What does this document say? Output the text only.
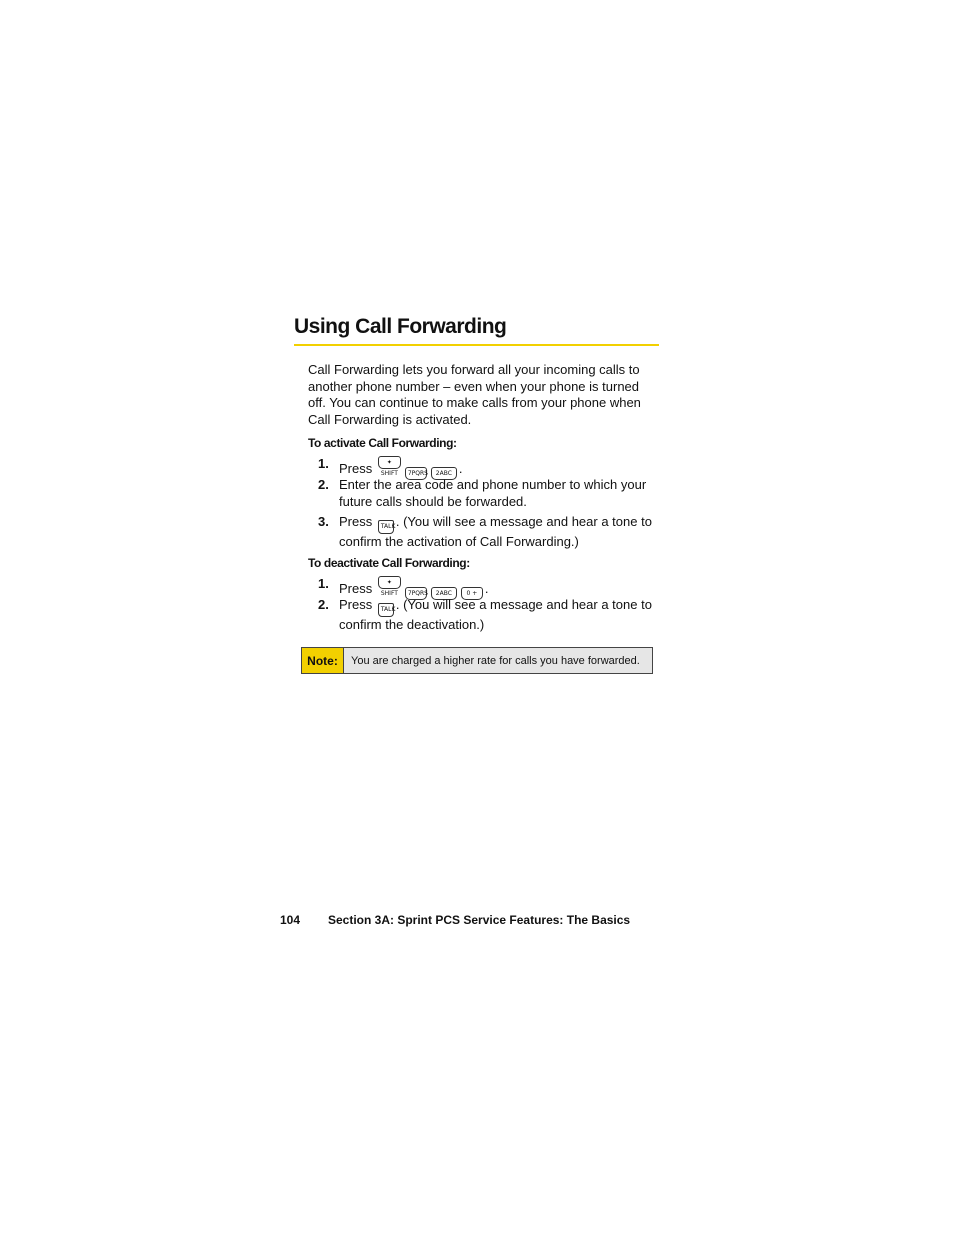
Using Call Forwarding
Call Forwarding lets you forward all your incoming calls to another phone number – even when your phone is turned off. You can continue to make calls from your phone when Call Forwarding is activated.
To activate Call Forwarding:
1. Press ✦ SHIFT 7PQRS 2ABC .
2. Enter the area code and phone number to which your future calls should be forwarded.
3. Press TALK. (You will see a message and hear a tone to confirm the activation of Call Forwarding.)
To deactivate Call Forwarding:
1. Press ✦ SHIFT 7PQRS 2ABC 0 + .
2. Press TALK. (You will see a message and hear a tone to confirm the deactivation.)
Note:	You are charged a higher rate for calls you have forwarded.
104 Section 3A: Sprint PCS Service Features: The Basics
